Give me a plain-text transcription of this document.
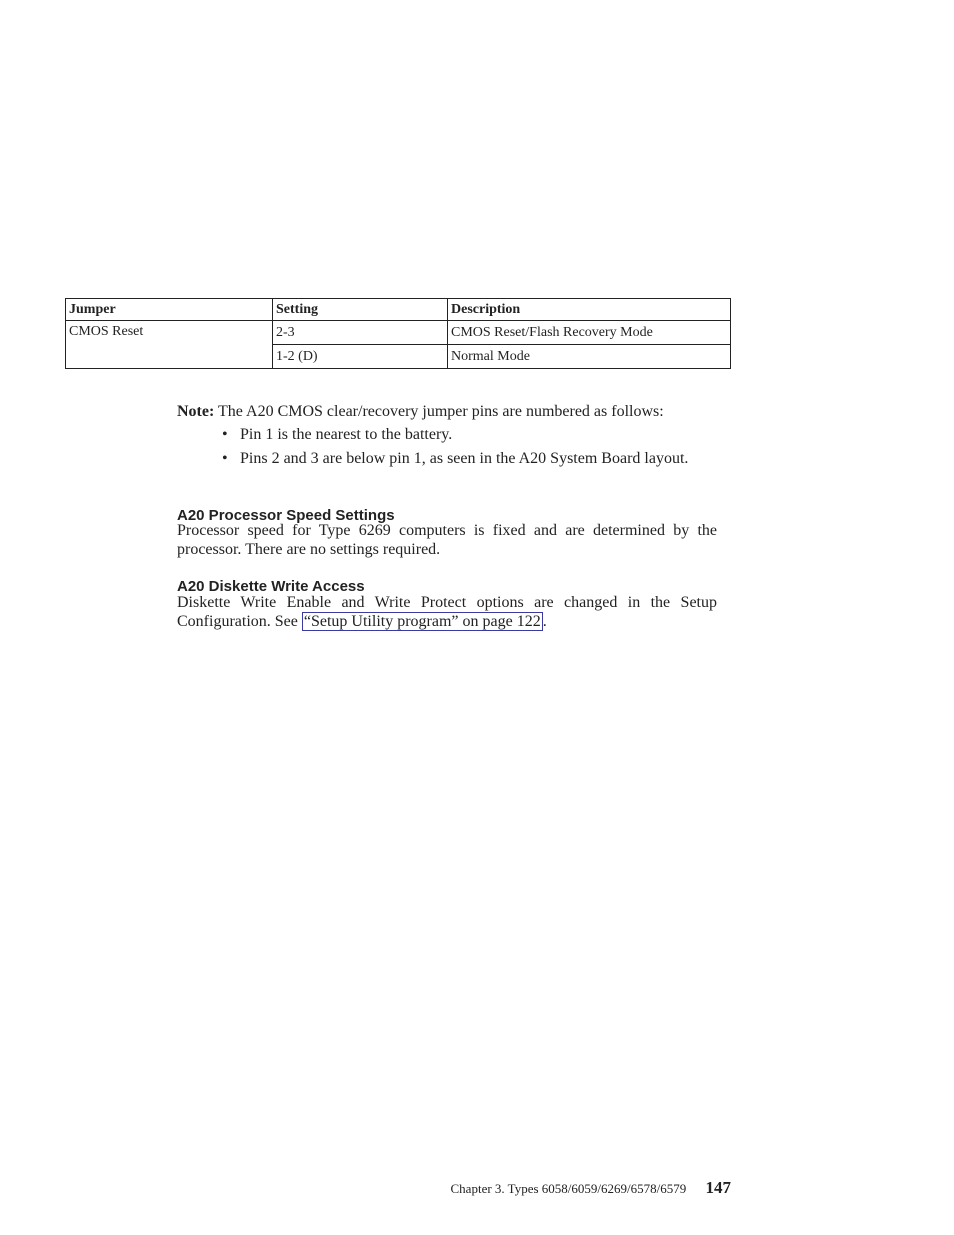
Jumper	Setting	Description
CMOS Reset	2-3	CMOS Reset/Flash Recovery Mode
	1-2 (D)	Normal Mode
Note: The A20 CMOS clear/recovery jumper pins are numbered as follows:
• Pin 1 is the nearest to the battery.
• Pins 2 and 3 are below pin 1, as seen in the A20 System Board layout.
A20 Processor Speed Settings

Processor speed for Type 6269 computers is fixed and are determined by the processor. There are no settings required.

A20 Diskette Write Access

Diskette Write Enable and Write Protect options are changed in the Setup Configuration. See “Setup Utility program” on page 122 .

Chapter 3. Types 6058/6059/6269/6578/6579 147
